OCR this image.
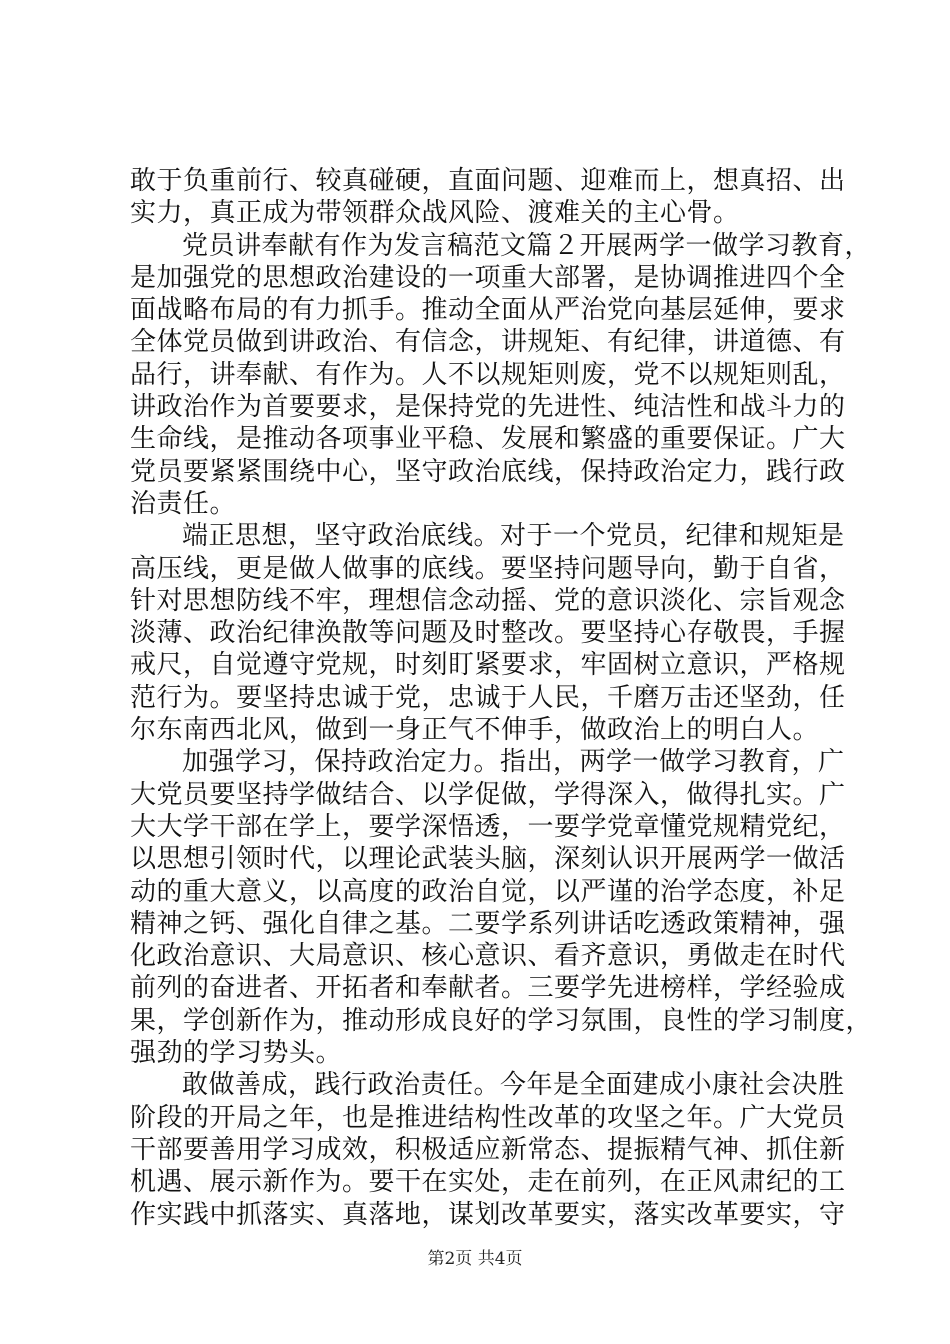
敢于负重前行、较真碰硬，直面问题、迎难而上，想真招、出
实力，真正成为带领群众战风险、渡难关的主心骨。
党员讲奉献有作为发言稿范文篇２开展两学一做学习教育，
是加强党的思想政治建设的一项重大部署，是协调推进四个全
面战略布局的有力抓手。推动全面从严治党向基层延伸，要求
全体党员做到讲政治、有信念，讲规矩、有纪律，讲道德、有
品行，讲奉献、有作为。人不以规矩则废，党不以规矩则乱，
讲政治作为首要要求，是保持党的先进性、纯洁性和战斗力的
生命线，是推动各项事业平稳、发展和繁盛的重要保证。广大
党员要紧紧围绕中心，坚守政治底线，保持政治定力，践行政
治责任。
端正思想，坚守政治底线。对于一个党员，纪律和规矩是
高压线，更是做人做事的底线。要坚持问题导向，勤于自省，
针对思想防线不牢，理想信念动摇、党的意识淡化、宗旨观念
淡薄、政治纪律涣散等问题及时整改。要坚持心存敬畏，手握
戒尺，自觉遵守党规，时刻盯紧要求，牢固树立意识，严格规
范行为。要坚持忠诚于党，忠诚于人民，千磨万击还坚劲，任
尔东南西北风，做到一身正气不伸手，做政治上的明白人。
加强学习，保持政治定力。指出，两学一做学习教育，广
大党员要坚持学做结合、以学促做，学得深入，做得扎实。广
大大学干部在学上，要学深悟透，一要学党章懂党规精党纪，
以思想引领时代，以理论武装头脑，深刻认识开展两学一做活
动的重大意义，以高度的政治自觉，以严谨的治学态度，补足
精神之钙、强化自律之基。二要学系列讲话吃透政策精神，强
化政治意识、大局意识、核心意识、看齐意识，勇做走在时代
前列的奋进者、开拓者和奉献者。三要学先进榜样，学经验成
果，学创新作为，推动形成良好的学习氛围，良性的学习制度，
强劲的学习势头。
敢做善成，践行政治责任。今年是全面建成小康社会决胜
阶段的开局之年，也是推进结构性改革的攻坚之年。广大党员
干部要善用学习成效，积极适应新常态、提振精气神、抓住新
机遇、展示新作为。要干在实处，走在前列，在正风肃纪的工
作实践中抓落实、真落地，谋划改革要实，落实改革要实，守
第2页 共4页
